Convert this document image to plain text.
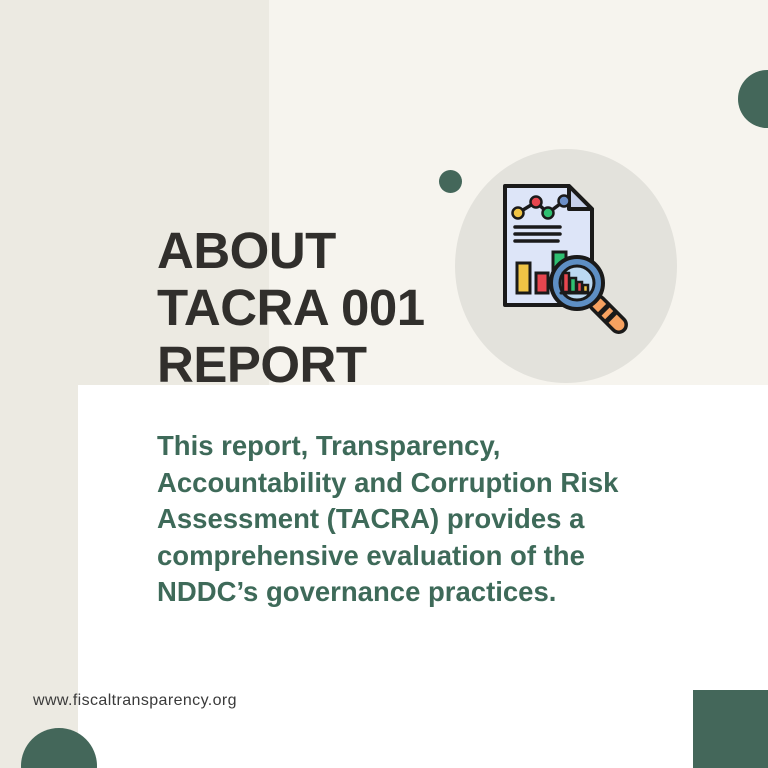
ABOUT
TACRA 001
REPORT
This report, Transparency,
Accountability and Corruption Risk
Assessment (TACRA) provides a
comprehensive evaluation of the
NDDC’s governance practices.
www.fiscaltransparency.org
